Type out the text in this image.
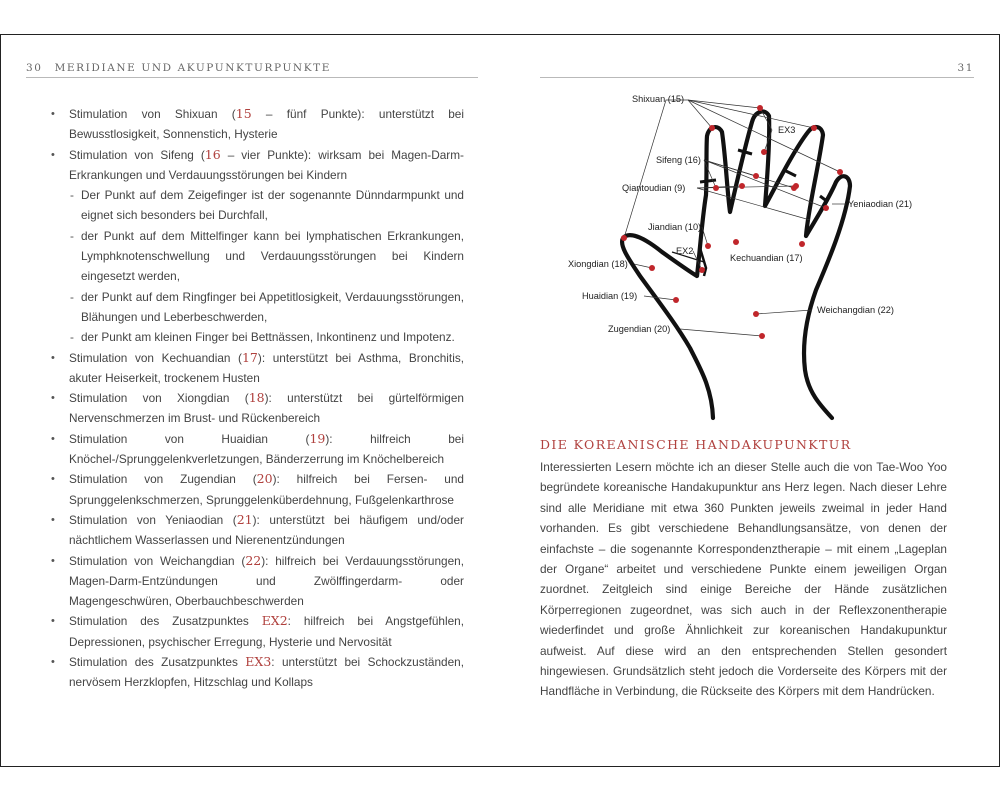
30 MERIDIANE UND AKUPUNKTURPUNKTE	31
• Stimulation von Shixuan (15 – fünf Punkte): unterstützt bei Bewusstlosigkeit, Sonnenstich, Hysterie
• Stimulation von Sifeng (16 – vier Punkte): wirksam bei Magen-Darm-Erkrankungen und Verdauungsstörungen bei Kindern
- Der Punkt auf dem Zeigefinger ist der sogenannte Dünndarmpunkt und eignet sich besonders bei Durchfall,
- der Punkt auf dem Mittelfinger kann bei lymphatischen Erkrankungen, Lymphknotenschwellung und Verdauungsstörungen bei Kindern eingesetzt werden,
- der Punkt auf dem Ringfinger bei Appetitlosigkeit, Verdauungsstörungen, Blähungen und Leberbeschwerden,
- der Punkt am kleinen Finger bei Bettnässen, Inkontinenz und Impotenz.
• Stimulation von Kechuandian (17): unterstützt bei Asthma, Bronchitis, akuter Heiserkeit, trockenem Husten
• Stimulation von Xiongdian (18): unterstützt bei gürtelförmigen Nervenschmerzen im Brust- und Rückenbereich
• Stimulation von Huaidian (19): hilfreich bei Knöchel-/Sprunggelenkverletzungen, Bänderzerrung im Knöchelbereich
• Stimulation von Zugendian (20): hilfreich bei Fersen- und Sprunggelenkschmerzen, Sprunggelenküberdehnung, Fußgelenkarthrose
• Stimulation von Yeniaodian (21): unterstützt bei häufigem und/oder nächtlichem Wasserlassen und Nierenentzündungen
• Stimulation von Weichangdian (22): hilfreich bei Verdauungsstörungen, Magen-Darm-Entzündungen und Zwölffingerdarm- oder Magengeschwüren, Oberbauchbeschwerden
• Stimulation des Zusatzpunktes EX2: hilfreich bei Angstgefühlen, Depressionen, psychischer Erregung, Hysterie und Nervosität
• Stimulation des Zusatzpunktes EX3: unterstützt bei Schockzuständen, nervösem Herzklopfen, Hitzschlag und Kollaps
Shixuan (15)
EX3
Sifeng (16)
Qiantoudian (9)
Yeniaodian (21)
Jiandian (10)
EX2
Kechuandian (17)
Xiongdian (18)
Huaidian (19)
Weichangdian (22)
Zugendian (20)
DIE KOREANISCHE HANDAKUPUNKTUR
Interessierten Lesern möchte ich an dieser Stelle auch die von Tae-Woo Yoo begründete koreanische Handakupunktur ans Herz legen. Nach dieser Lehre sind alle Meridiane mit etwa 360 Punkten jeweils zweimal in jeder Hand vorhanden. Es gibt verschiedene Behandlungsansätze, von denen der einfachste – die sogenannte Korrespondenztherapie – mit einem „Lageplan der Organe“ arbeitet und verschiedene Punkte einem jeweiligen Organ zuordnet. Zeitgleich sind einige Bereiche der Hände zusätzlichen Körperregionen zugeordnet, was sich auch in der Reflexzonentherapie wiederfindet und große Ähnlichkeit zur koreanischen Handakupunktur aufweist. Auf diese wird an den entsprechenden Stellen gesondert hingewiesen. Grundsätzlich steht jedoch die Vorderseite des Körpers mit der Handfläche in Verbindung, die Rückseite des Körpers mit dem Handrücken.
